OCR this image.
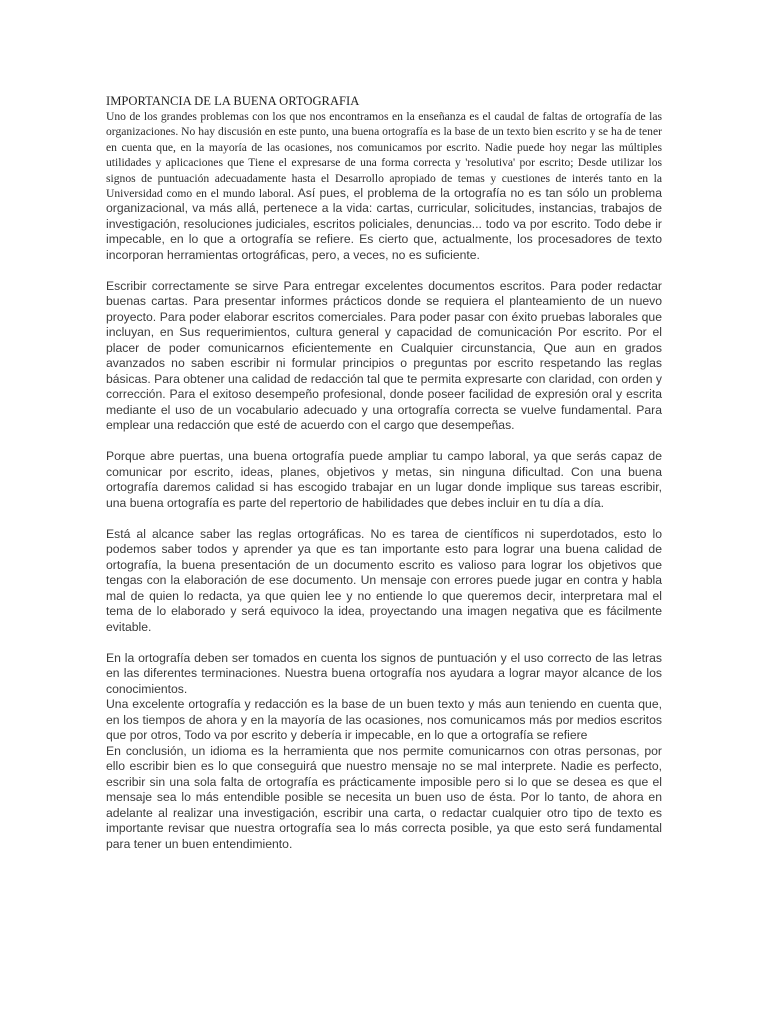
IMPORTANCIA DE LA BUENA ORTOGRAFIA

Uno de los grandes problemas con los que nos encontramos en la enseñanza es el caudal de faltas de ortografía de las organizaciones. No hay discusión en este punto, una buena ortografía es la base de un texto bien escrito y se ha de tener en cuenta que, en la mayoría de las ocasiones, nos comunicamos por escrito. Nadie puede hoy negar las múltiples utilidades y aplicaciones que Tiene el expresarse de una forma correcta y 'resolutiva' por escrito; Desde utilizar los signos de puntuación adecuadamente hasta el Desarrollo apropiado de temas y cuestiones de interés tanto en la Universidad como en el mundo laboral. Así pues, el problema de la ortografía no es tan sólo un problema organizacional, va más allá, pertenece a la vida: cartas, curricular, solicitudes, instancias, trabajos de investigación, resoluciones judiciales, escritos policiales, denuncias... todo va por escrito. Todo debe ir impecable, en lo que a ortografía se refiere. Es cierto que, actualmente, los procesadores de texto incorporan herramientas ortográficas, pero, a veces, no es suficiente.

Escribir correctamente se sirve Para entregar excelentes documentos escritos. Para poder redactar buenas cartas. Para presentar informes prácticos donde se requiera el planteamiento de un nuevo proyecto. Para poder elaborar escritos comerciales. Para poder pasar con éxito pruebas laborales que incluyan, en Sus requerimientos, cultura general y capacidad de comunicación Por escrito. Por el placer de poder comunicarnos eficientemente en Cualquier circunstancia, Que aun en grados avanzados no saben escribir ni formular principios o preguntas por escrito respetando las reglas básicas. Para obtener una calidad de redacción tal que te permita expresarte con claridad, con orden y corrección. Para el exitoso desempeño profesional, donde poseer facilidad de expresión oral y escrita mediante el uso de un vocabulario adecuado y una ortografía correcta se vuelve fundamental. Para emplear una redacción que esté de acuerdo con el cargo que desempeñas.

Porque abre puertas, una buena ortografía puede ampliar tu campo laboral, ya que serás capaz de comunicar por escrito, ideas, planes, objetivos y metas, sin ninguna dificultad. Con una buena ortografía daremos calidad si has escogido trabajar en un lugar donde implique sus tareas escribir, una buena ortografía es parte del repertorio de habilidades que debes incluir en tu día a día.

Está al alcance saber las reglas ortográficas. No es tarea de científicos ni superdotados, esto lo podemos saber todos y aprender ya que es tan importante esto para lograr una buena calidad de ortografía, la buena presentación de un documento escrito es valioso para lograr los objetivos que tengas con la elaboración de ese documento. Un mensaje con errores puede jugar en contra y habla mal de quien lo redacta, ya que quien lee y no entiende lo que queremos decir, interpretara mal el tema de lo elaborado y será equivoco la idea, proyectando una imagen negativa que es fácilmente evitable.

En la ortografía deben ser tomados en cuenta los signos de puntuación y el uso correcto de las letras en las diferentes terminaciones. Nuestra buena ortografía nos ayudara a lograr mayor alcance de los conocimientos.

Una excelente ortografía y redacción es la base de un buen texto y más aun teniendo en cuenta que, en los tiempos de ahora y en la mayoría de las ocasiones, nos comunicamos más por medios escritos que por otros, Todo va por escrito y debería ir impecable, en lo que a ortografía se refiere

En conclusión, un idioma es la herramienta que nos permite comunicarnos con otras personas, por ello escribir bien es lo que conseguirá que nuestro mensaje no se mal interprete. Nadie es perfecto, escribir sin una sola falta de ortografía es prácticamente imposible pero si lo que se desea es que el mensaje sea lo más entendible posible se necesita un buen uso de ésta. Por lo tanto, de ahora en adelante al realizar una investigación, escribir una carta, o redactar cualquier otro tipo de texto es importante revisar que nuestra ortografía sea lo más correcta posible, ya que esto será fundamental para tener un buen entendimiento.
